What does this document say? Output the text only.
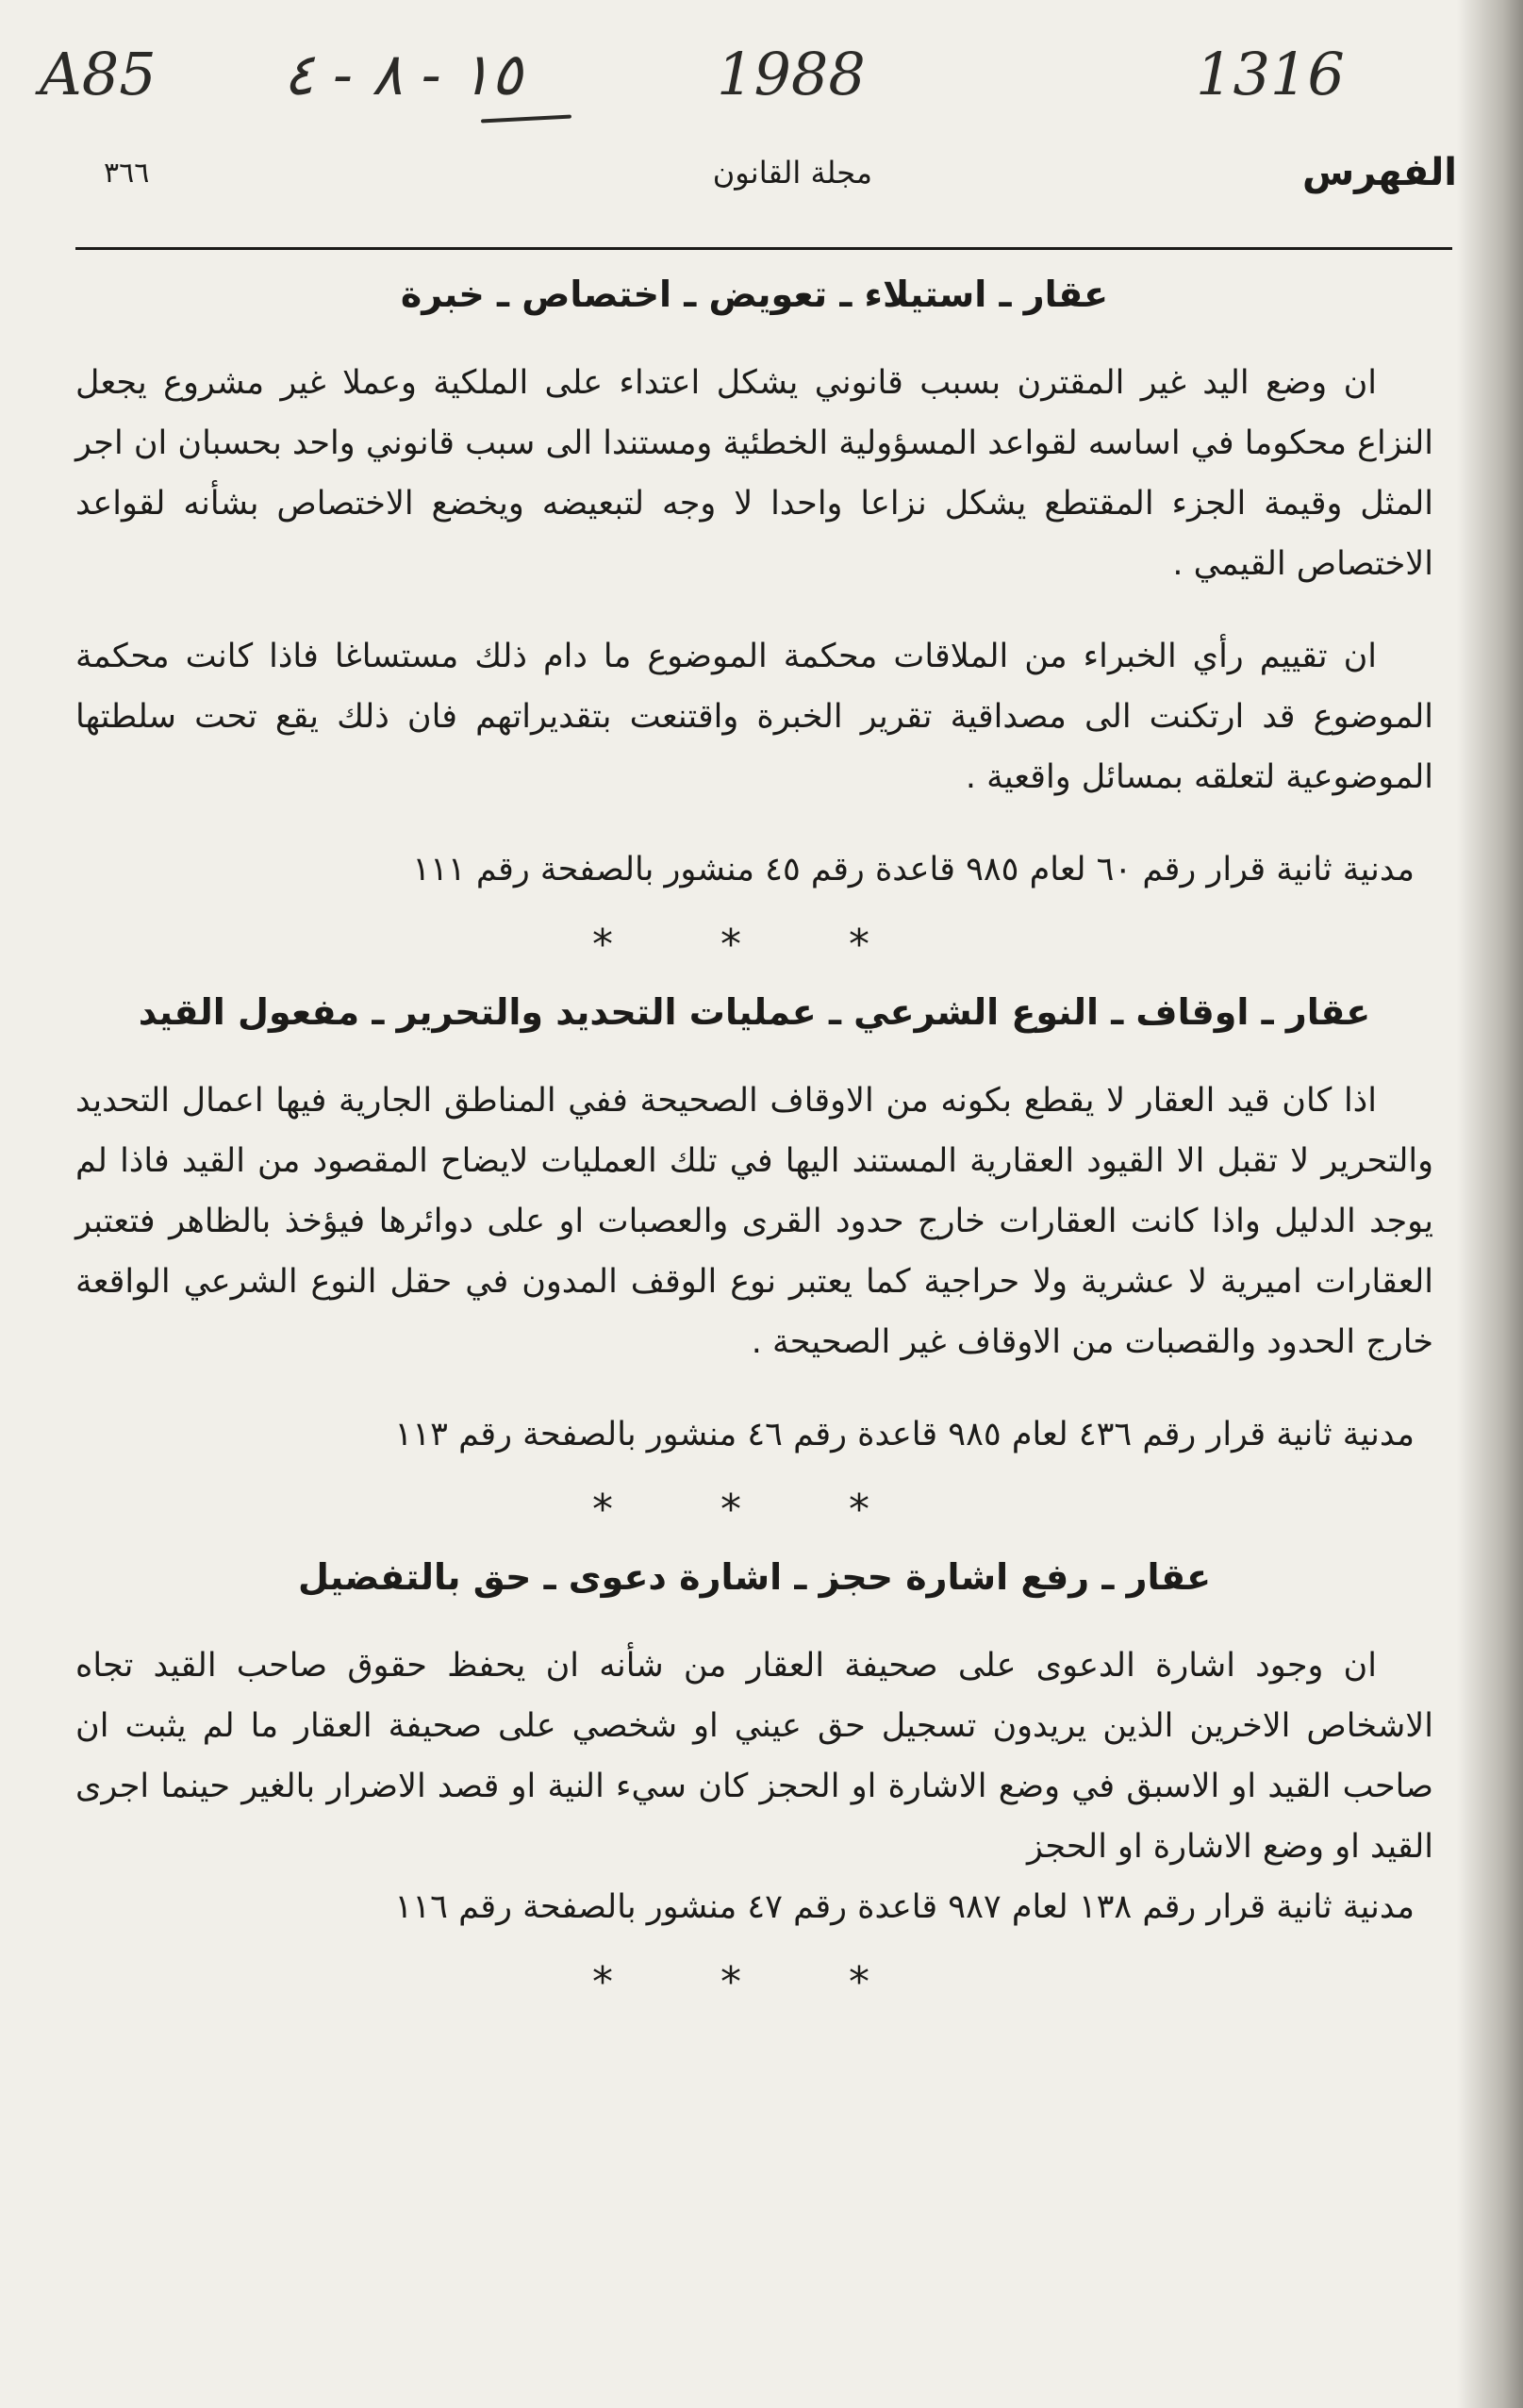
A85 ١٥ - ٨ - ٤	1988	1316
الفهرس
مجلة القانون
٣٦٦
عقار ـ استيلاء ـ تعويض ـ اختصاص ـ خبرة

ان وضع اليد غير المقترن بسبب قانوني يشكل اعتداء على الملكية وعملا غير مشروع يجعل النزاع محكوما في اساسه لقواعد المسؤولية الخطئية ومستندا الى سبب قانوني واحد بحسبان ان اجر المثل وقيمة الجزء المقتطع يشكل نزاعا واحدا لا وجه لتبعيضه ويخضع الاختصاص بشأنه لقواعد الاختصاص القيمي .

ان تقييم رأي الخبراء من الملاقات محكمة الموضوع ما دام ذلك مستساغا فاذا كانت محكمة الموضوع قد ارتكنت الى مصداقية تقرير الخبرة واقتنعت بتقديراتهم فان ذلك يقع تحت سلطتها الموضوعية لتعلقه بمسائل واقعية .

مدنية ثانية قرار رقم ٦٠ لعام ٩٨٥ قاعدة رقم ٤٥ منشور بالصفحة رقم ١١١

* * *
عقار ـ اوقاف ـ النوع الشرعي ـ عمليات التحديد والتحرير ـ مفعول القيد

اذا كان قيد العقار لا يقطع بكونه من الاوقاف الصحيحة ففي المناطق الجارية فيها اعمال التحديد والتحرير لا تقبل الا القيود العقارية المستند اليها في تلك العمليات لايضاح المقصود من القيد فاذا لم يوجد الدليل واذا كانت العقارات خارج حدود القرى والعصبات او على دوائرها فيؤخذ بالظاهر فتعتبر العقارات اميرية لا عشرية ولا حراجية كما يعتبر نوع الوقف المدون في حقل النوع الشرعي الواقعة خارج الحدود والقصبات من الاوقاف غير الصحيحة .

مدنية ثانية قرار رقم ٤٣٦ لعام ٩٨٥ قاعدة رقم ٤٦ منشور بالصفحة رقم ١١٣

* * *
عقار ـ رفع اشارة حجز ـ اشارة دعوى ـ حق بالتفضيل

ان وجود اشارة الدعوى على صحيفة العقار من شأنه ان يحفظ حقوق صاحب القيد تجاه الاشخاص الاخرين الذين يريدون تسجيل حق عيني او شخصي على صحيفة العقار ما لم يثبت ان صاحب القيد او الاسبق في وضع الاشارة او الحجز كان سيء النية او قصد الاضرار بالغير حينما اجرى القيد او وضع الاشارة او الحجز

مدنية ثانية قرار رقم ١٣٨ لعام ٩٨٧ قاعدة رقم ٤٧ منشور بالصفحة رقم ١١٦

* * *
